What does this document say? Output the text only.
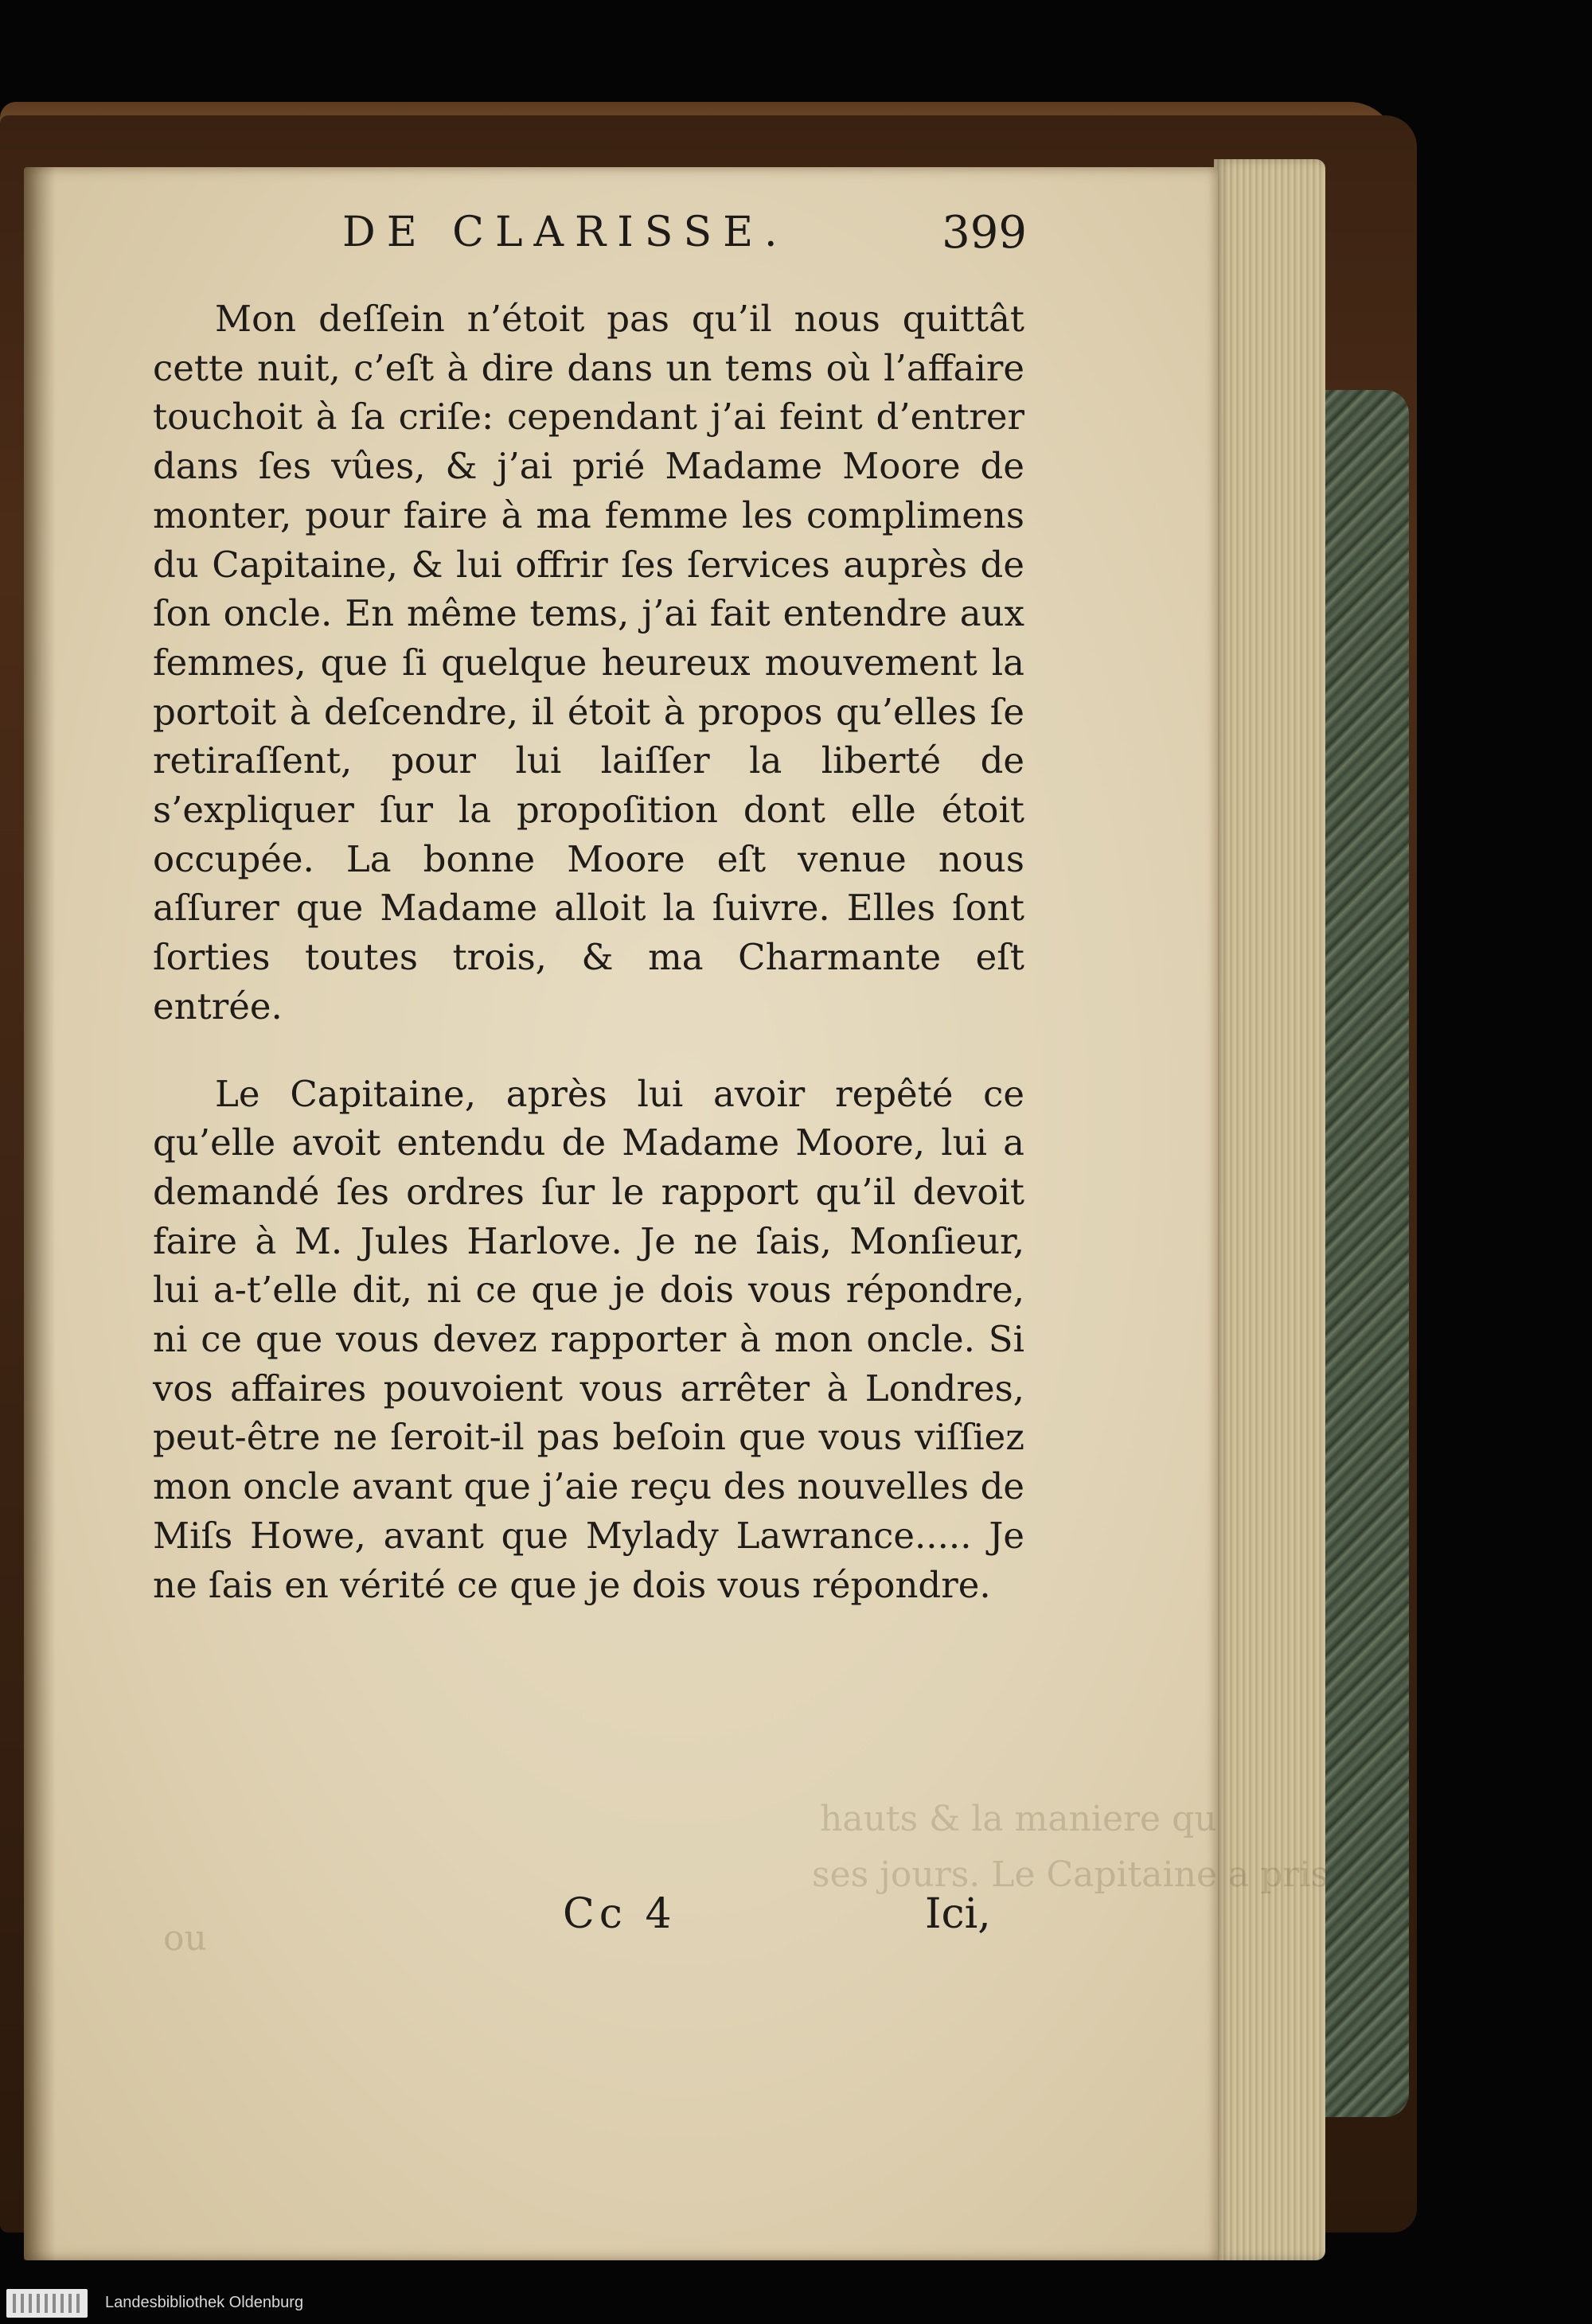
hauts & la maniere qu
ses jours. Le Capitaine a pris
ou
DE CLARISSE.	399

Mon deſſein n’étoit pas qu’il nous quittât cette nuit, c’eſt à dire dans un tems où l’affaire touchoit à ſa criſe: cependant j’ai feint d’entrer dans ſes vûes, & j’ai prié Madame Moore de monter, pour faire à ma femme les complimens du Capitaine, & lui offrir ſes ſervices auprès de ſon oncle. En même tems, j’ai fait entendre aux femmes, que ſi quelque heureux mouvement la portoit à deſcendre, il étoit à propos qu’elles ſe retiraſſent, pour lui laiſſer la liberté de s’expliquer ſur la propoſition dont elle étoit occupée. La bonne Moore eſt venue nous aſſurer que Madame alloit la ſuivre. Elles ſont ſorties toutes trois, & ma Charmante eſt entrée.

Le Capitaine, après lui avoir repêté ce qu’elle avoit entendu de Madame Moore, lui a demandé ſes ordres ſur le rapport qu’il devoit faire à M. Jules Harlove. Je ne ſais, Monſieur, lui a-t’elle dit, ni ce que je dois vous répondre, ni ce que vous devez rapporter à mon oncle. Si vos affaires pouvoient vous arrêter à Londres, peut-être ne ſeroit-il pas beſoin que vous viſſiez mon oncle avant que j’aie reçu des nouvelles de Miſs Howe, avant que Mylady Lawrance..... Je ne ſais en vérité ce que je dois vous répondre.

Cc 4	Ici,
Landesbibliothek Oldenburg
